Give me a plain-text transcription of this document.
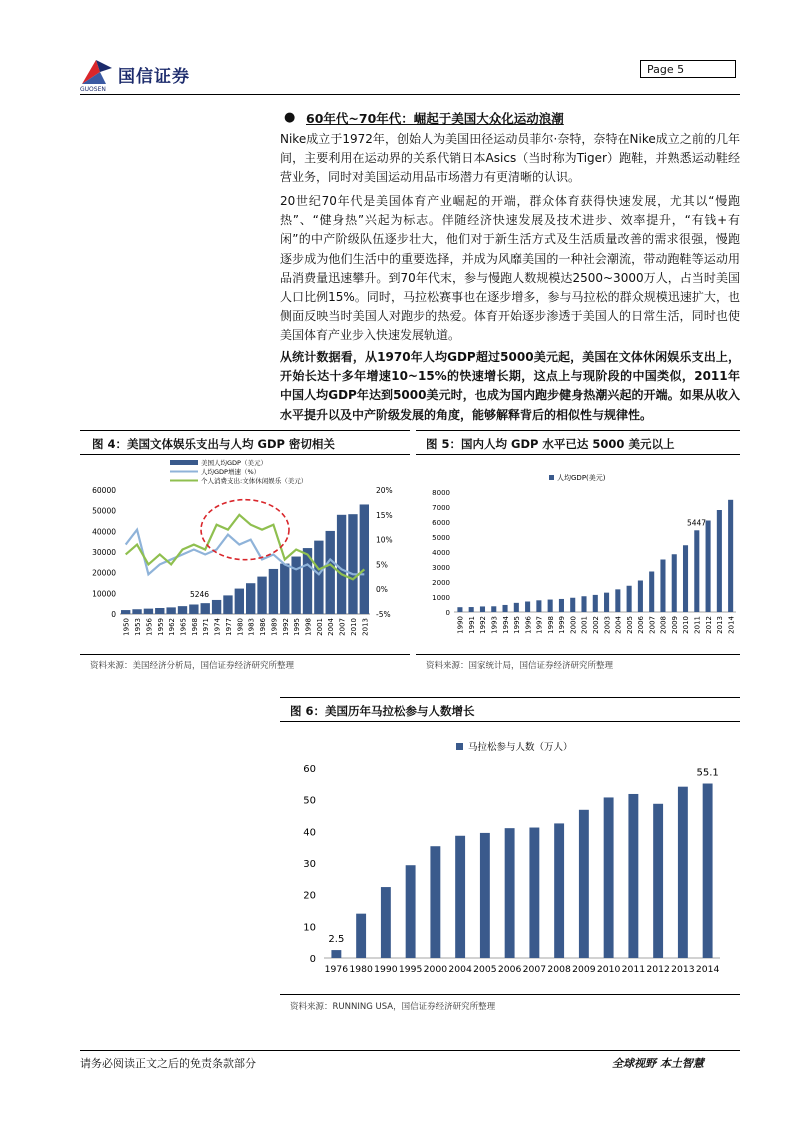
国信证券
GUOSEN
Page 5
● 60年代~70年代：崛起于美国大众化运动浪潮
Nike成立于1972年，创始人为美国田径运动员菲尔·奈特，奈特在Nike成立之前的几年间，主要利用在运动界的关系代销日本Asics（当时称为Tiger）跑鞋，并熟悉运动鞋经营业务，同时对美国运动用品市场潜力有更清晰的认识。
20世纪70年代是美国体育产业崛起的开端，群众体育获得快速发展，尤其以“慢跑热”、“健身热”兴起为标志。伴随经济快速发展及技术进步、效率提升，“有钱+有闲”的中产阶级队伍逐步壮大，他们对于新生活方式及生活质量改善的需求很强，慢跑逐步成为他们生活中的重要选择，并成为风靡美国的一种社会潮流，带动跑鞋等运动用品消费量迅速攀升。到70年代末，参与慢跑人数规模达2500~3000万人，占当时美国人口比例15%。同时，马拉松赛事也在逐步增多，参与马拉松的群众规模迅速扩大，也侧面反映当时美国人对跑步的热爱。体育开始逐步渗透于美国人的日常生活，同时也使美国体育产业步入快速发展轨道。
从统计数据看，从1970年人均GDP超过5000美元起，美国在文体休闲娱乐支出上，开始长达十多年增速10~15%的快速增长期，这点上与现阶段的中国类似，2011年中国人均GDP年达到5000美元时，也成为国内跑步健身热潮兴起的开端。如果从收入水平提升以及中产阶级发展的角度，能够解释背后的相似性与规律性。
图 4：美国文体娱乐支出与人均 GDP 密切相关
0
10000
20000
30000
40000
50000
60000
-5%
0%
5%
10%
15%
20%
1950 1953 1956 1959 1962 1965 1968 1971 1974 1977 1980 1983 1986 1989 1992 1995 1998 2001 2004 2007 2010 2013
5246
美国人均GDP（美元）
人均GDP增速（%）
个人消费支出:文体休闲娱乐（美元）
资料来源：美国经济分析局，国信证券经济研究所整理
图 5：国内人均 GDP 水平已达 5000 美元以上
0
1000
2000
3000
4000
5000
6000
7000
8000
1990 1991 1992 1993 1994 1995 1996 1997 1998 1999 2000 2001 2002 2003 2004 2005 2006 2007 2008 2009 2010 2011 2012 2013 2014
人均GDP(美元)
5447
资料来源：国家统计局，国信证券经济研究所整理
图 6：美国历年马拉松参与人数增长
0
10
20
30
40
50
60
1976 1980 1990 1995 2000 2004 2005 2006 2007 2008 2009 2010 2011 2012 2013 2014
马拉松参与人数（万人）
2.5
55.1
资料来源：RUNNING USA，国信证券经济研究所整理
请务必阅读正文之后的免责条款部分	全球视野 本土智慧
